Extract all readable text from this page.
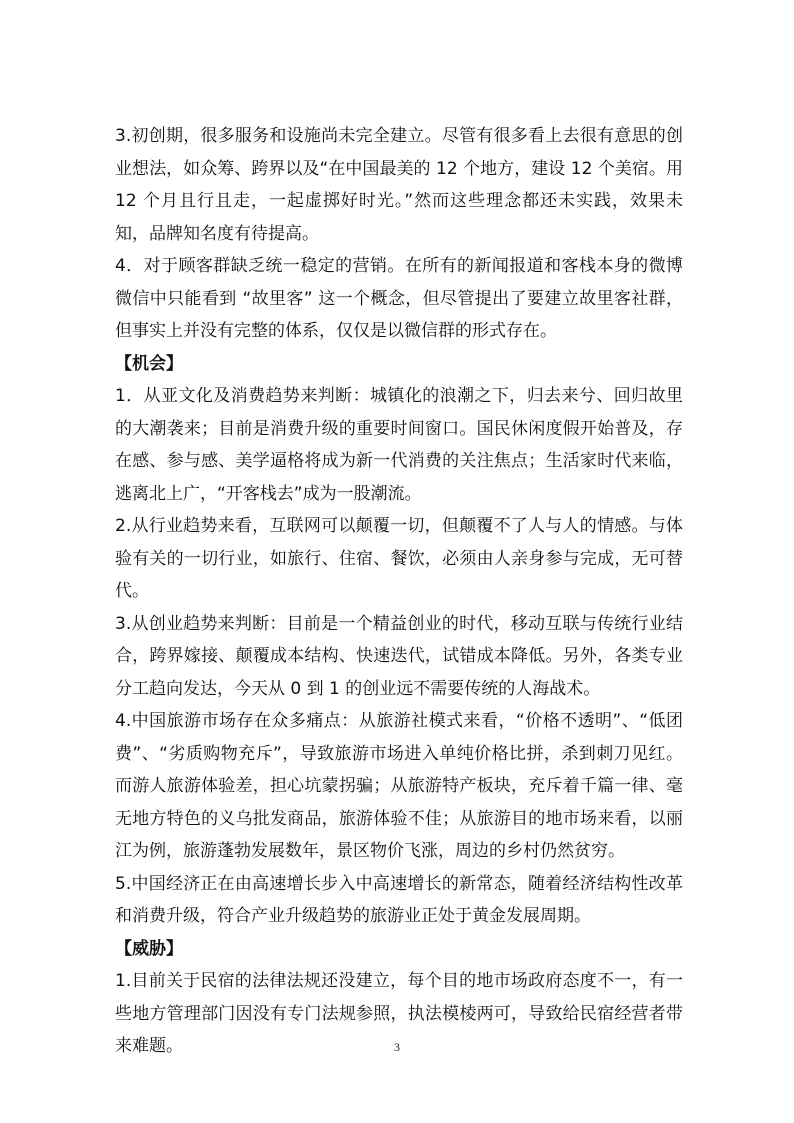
3.初创期，很多服务和设施尚未完全建立。尽管有很多看上去很有意思的创业想法，如众筹、跨界以及“在中国最美的 12 个地方，建设 12 个美宿。用 12 个月且行且走，一起虚掷好时光。”然而这些理念都还未实践，效果未知，品牌知名度有待提高。

4．对于顾客群缺乏统一稳定的营销。在所有的新闻报道和客栈本身的微博微信中只能看到 “故里客” 这一个概念，但尽管提出了要建立故里客社群，但事实上并没有完整的体系，仅仅是以微信群的形式存在。

【机会】

1．从亚文化及消费趋势来判断：城镇化的浪潮之下，归去来兮、回归故里的大潮袭来；目前是消费升级的重要时间窗口。国民休闲度假开始普及，存在感、参与感、美学逼格将成为新一代消费的关注焦点；生活家时代来临，逃离北上广，“开客栈去”成为一股潮流。

2.从行业趋势来看，互联网可以颠覆一切，但颠覆不了人与人的情感。与体验有关的一切行业，如旅行、住宿、餐饮，必须由人亲身参与完成，无可替代。

3.从创业趋势来判断：目前是一个精益创业的时代，移动互联与传统行业结合，跨界嫁接、颠覆成本结构、快速迭代，试错成本降低。另外，各类专业分工趋向发达，今天从 0 到 1 的创业远不需要传统的人海战术。

4.中国旅游市场存在众多痛点：从旅游社模式来看，“价格不透明”、“低团费”、“劣质购物充斥”，导致旅游市场进入单纯价格比拼，杀到刺刀见红。而游人旅游体验差，担心坑蒙拐骗；从旅游特产板块，充斥着千篇一律、毫无地方特色的义乌批发商品，旅游体验不佳；从旅游目的地市场来看，以丽江为例，旅游蓬勃发展数年，景区物价飞涨，周边的乡村仍然贫穷。

5.中国经济正在由高速增长步入中高速增长的新常态，随着经济结构性改革和消费升级，符合产业升级趋势的旅游业正处于黄金发展周期。

【威胁】

1.目前关于民宿的法律法规还没建立，每个目的地市场政府态度不一，有一些地方管理部门因没有专门法规参照，执法模棱两可，导致给民宿经营者带来难题。	3
